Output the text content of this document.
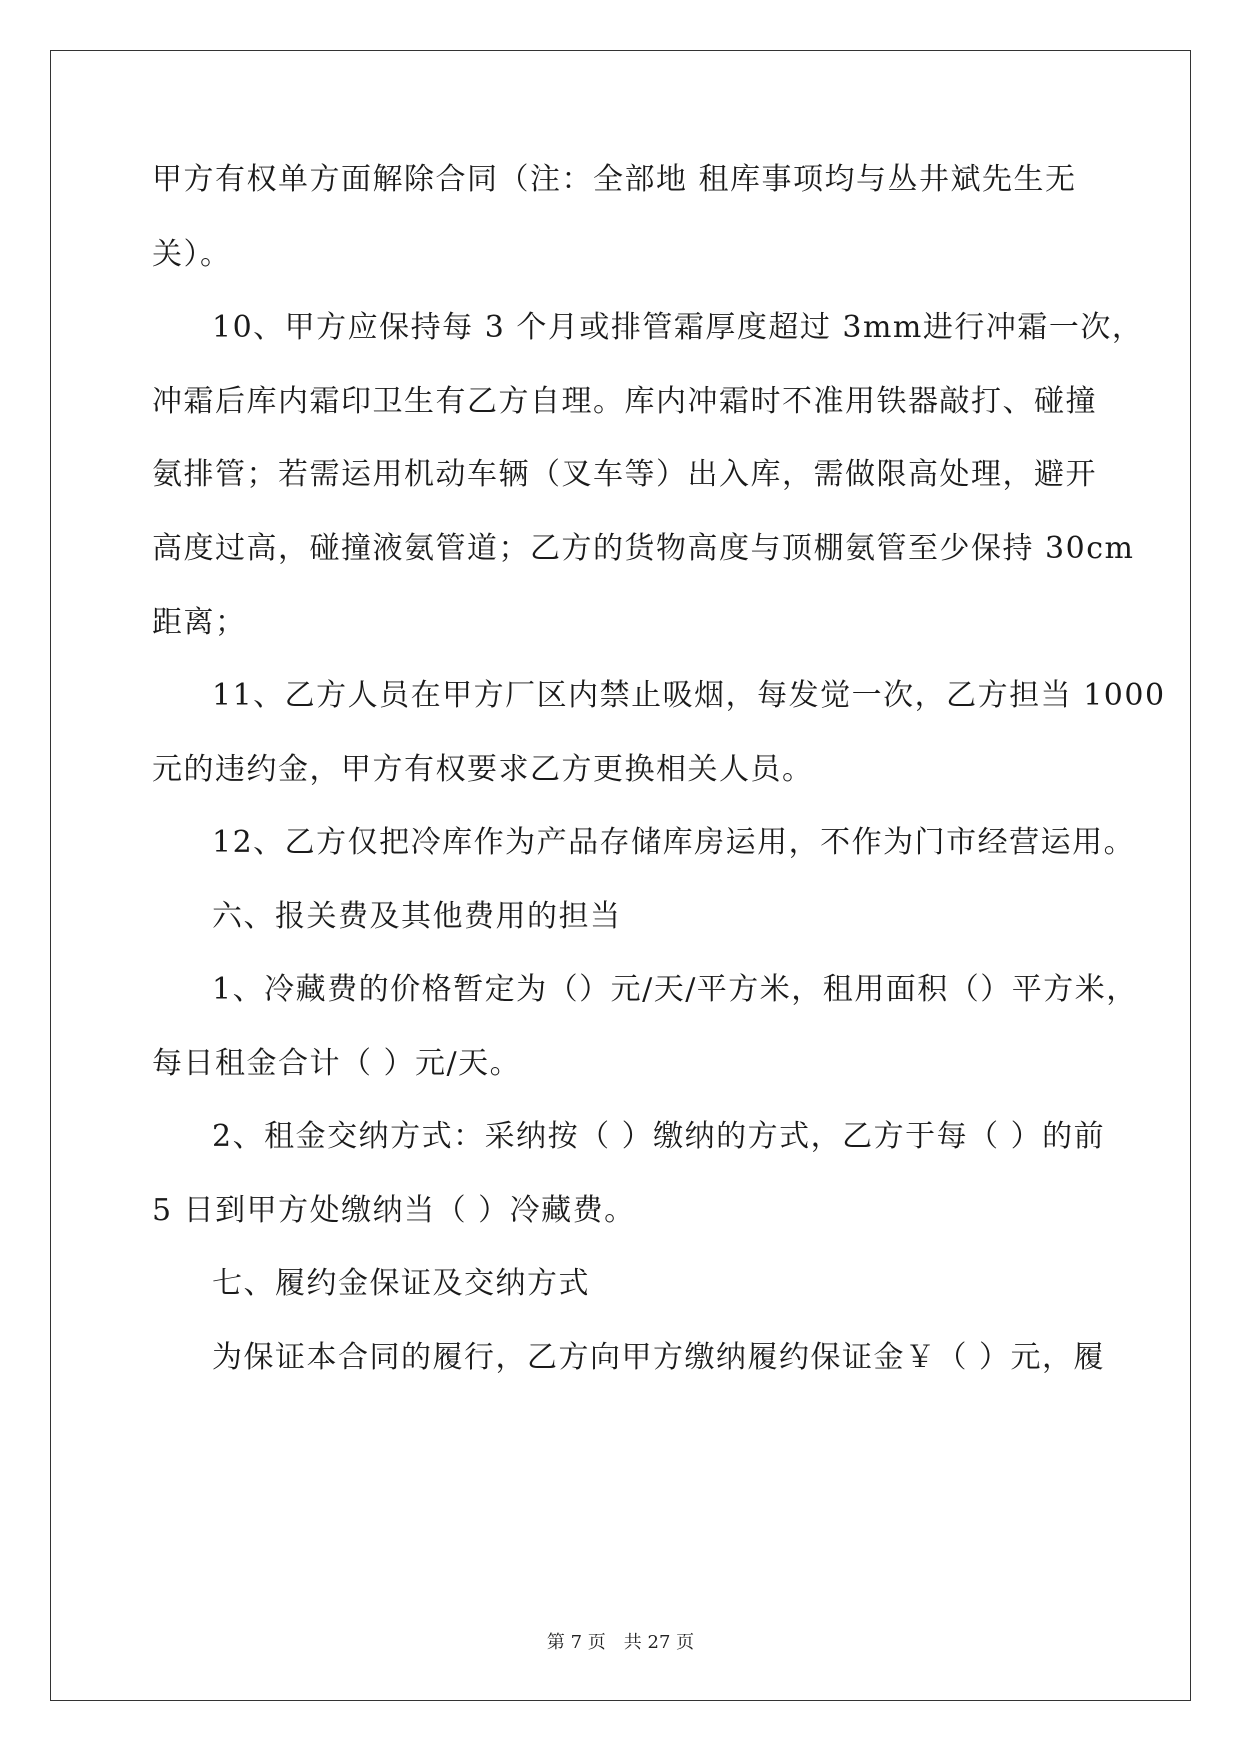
甲方有权单方面解除合同（注：全部地 租库事项均与丛井斌先生无
关）。
10、甲方应保持每 3 个月或排管霜厚度超过 3mm进行冲霜一次，
冲霜后库内霜印卫生有乙方自理。库内冲霜时不准用铁器敲打、碰撞
氨排管；若需运用机动车辆（叉车等）出入库，需做限高处理，避开
高度过高，碰撞液氨管道；乙方的货物高度与顶棚氨管至少保持 30cm
距离；
11、乙方人员在甲方厂区内禁止吸烟，每发觉一次，乙方担当 1000
元的违约金，甲方有权要求乙方更换相关人员。
12、乙方仅把冷库作为产品存储库房运用，不作为门市经营运用。
六、报关费及其他费用的担当
1、冷藏费的价格暂定为（）元/天/平方米，租用面积（）平方米，
每日租金合计（ ）元/天。
2、租金交纳方式：采纳按（ ）缴纳的方式，乙方于每（ ）的前
5 日到甲方处缴纳当（ ）冷藏费。
七、履约金保证及交纳方式
为保证本合同的履行，乙方向甲方缴纳履约保证金￥（ ）元，履
第 7 页　共 27 页
